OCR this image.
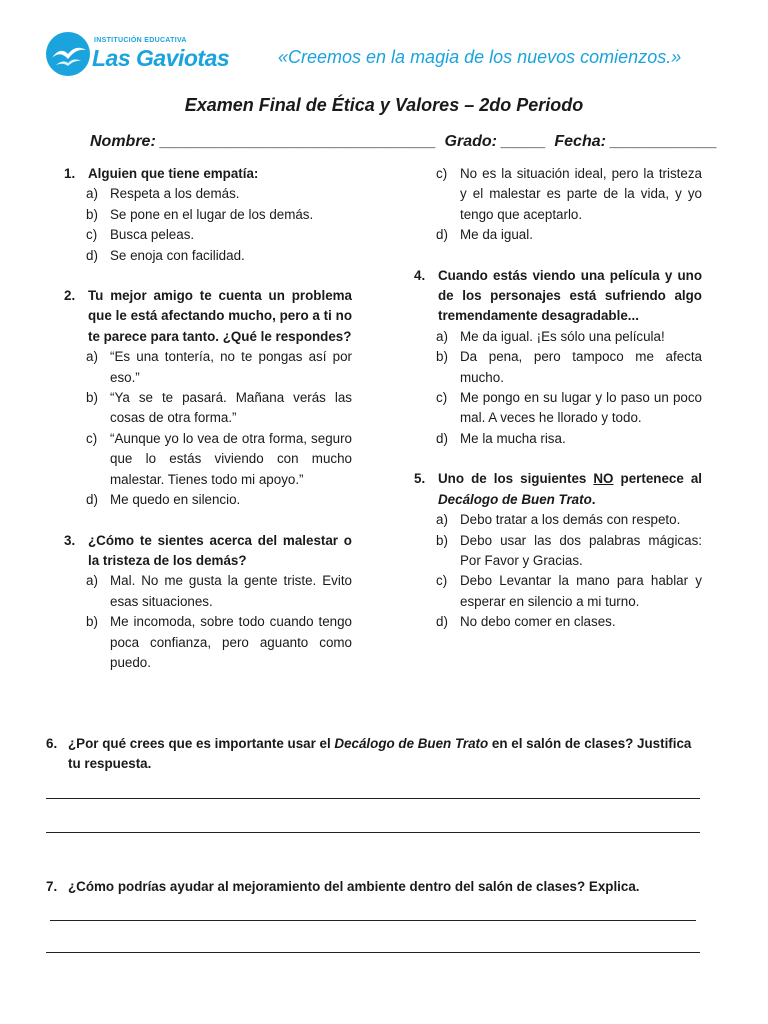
INSTITUCIÓN EDUCATIVA
Las Gaviotas	«Creemos en la magia de los nuevos comienzos.»
Examen Final de Ética y Valores – 2do Periodo
Nombre: _______________________________ Grado: _____ Fecha: ____________
1. Alguien que tiene empatía:
a) Respeta a los demás.
b) Se pone en el lugar de los demás.
c) Busca peleas.
d) Se enoja con facilidad.
2. Tu mejor amigo te cuenta un problema que le está afectando mucho, pero a ti no te parece para tanto. ¿Qué le respondes?
a) “Es una tontería, no te pongas así por eso.”
b) “Ya se te pasará. Mañana verás las cosas de otra forma.”
c) “Aunque yo lo vea de otra forma, seguro que lo estás viviendo con mucho malestar. Tienes todo mi apoyo.”
d) Me quedo en silencio.
3. ¿Cómo te sientes acerca del malestar o la tristeza de los demás?
a) Mal. No me gusta la gente triste. Evito esas situaciones.
b) Me incomoda, sobre todo cuando tengo poca confianza, pero aguanto como puedo.
c) No es la situación ideal, pero la tristeza y el malestar es parte de la vida, y yo tengo que aceptarlo.
d) Me da igual.
4. Cuando estás viendo una película y uno de los personajes está sufriendo algo tremendamente desagradable...
a) Me da igual. ¡Es sólo una película!
b) Da pena, pero tampoco me afecta mucho.
c) Me pongo en su lugar y lo paso un poco mal. A veces he llorado y todo.
d) Me la mucha risa.
5. Uno de los siguientes NO pertenece al Decálogo de Buen Trato.
a) Debo tratar a los demás con respeto.
b) Debo usar las dos palabras mágicas: Por Favor y Gracias.
c) Debo Levantar la mano para hablar y esperar en silencio a mi turno.
d) No debo comer en clases.
6. ¿Por qué crees que es importante usar el Decálogo de Buen Trato en el salón de clases? Justifica tu respuesta.
7. ¿Cómo podrías ayudar al mejoramiento del ambiente dentro del salón de clases? Explica.
